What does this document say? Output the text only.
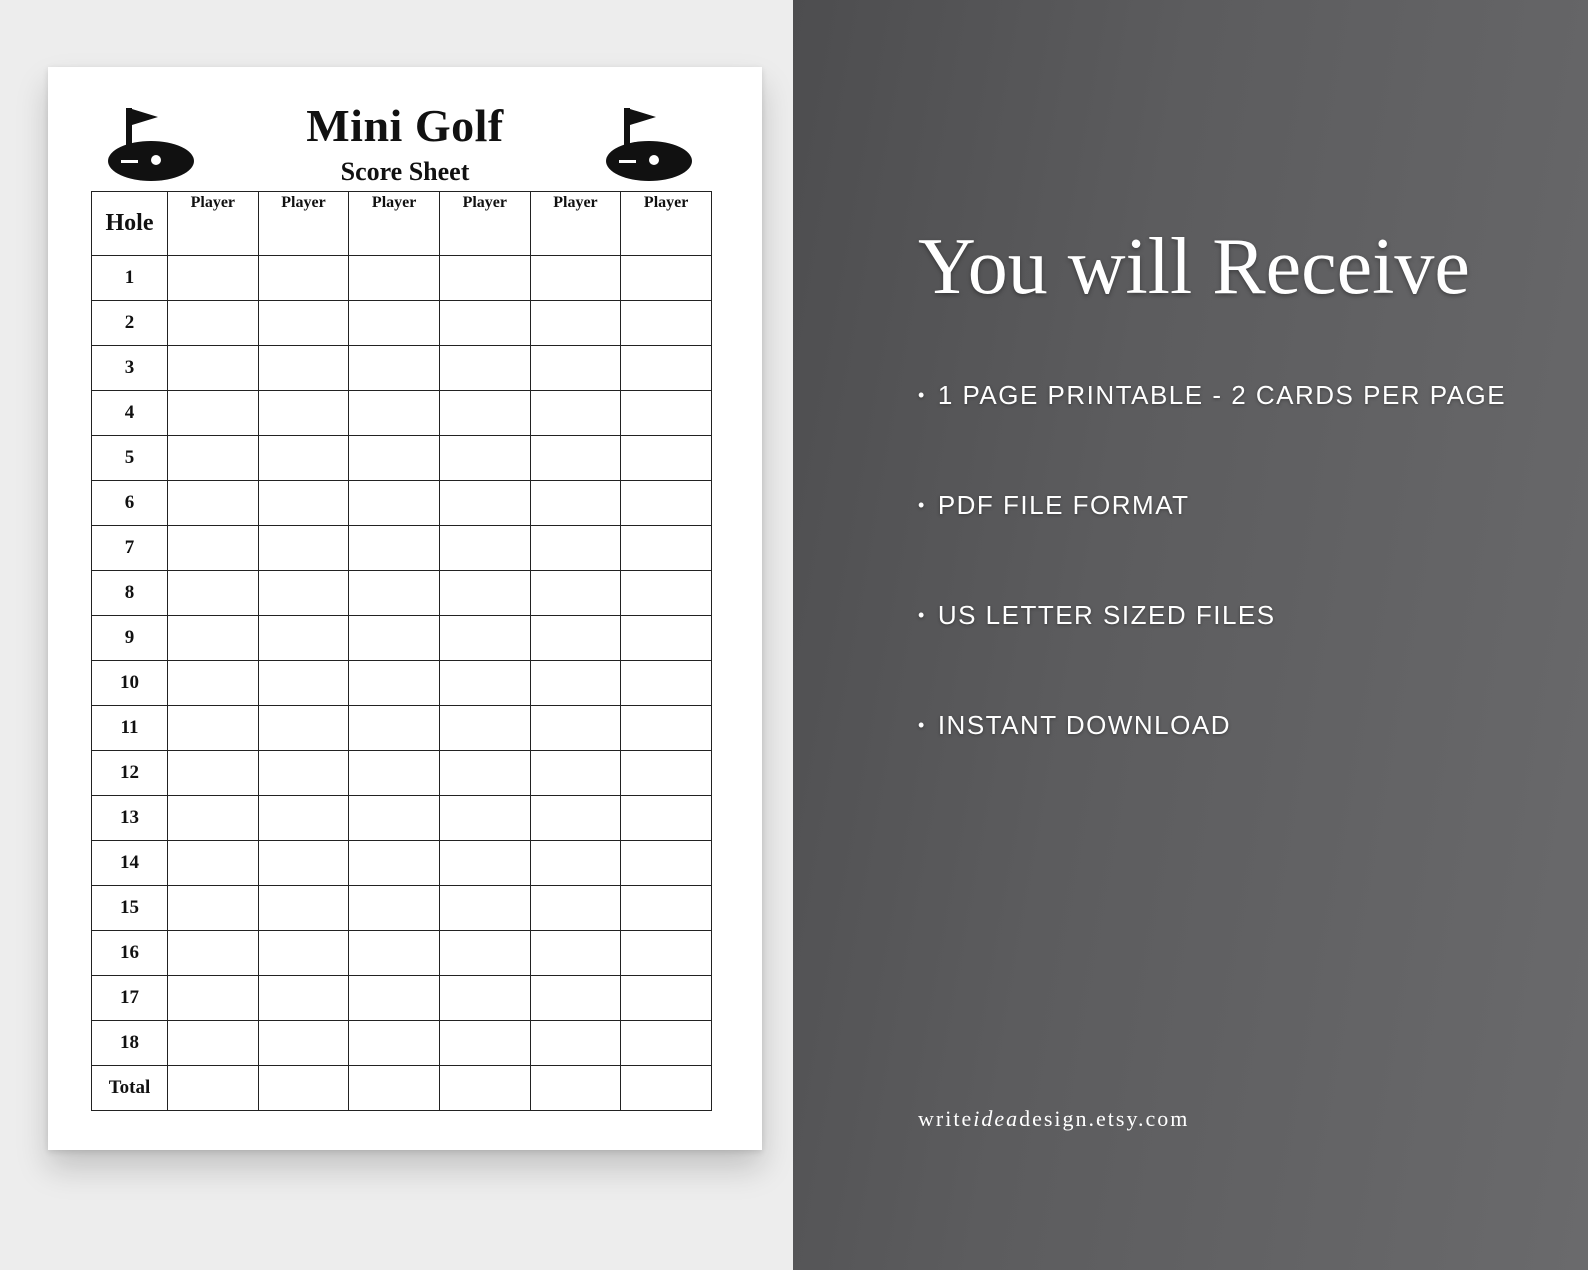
Mini Golf
Score Sheet
Hole	Player	Player	Player	Player	Player	Player
1						
2						
3						
4						
5						
6						
7						
8						
9						
10						
11						
12						
13						
14						
15						
16						
17						
18						
Total						
You will Receive
• 1 PAGE PRINTABLE - 2 CARDS PER PAGE
• PDF FILE FORMAT
• US LETTER SIZED FILES
• INSTANT DOWNLOAD
writeideadesign.etsy.com
